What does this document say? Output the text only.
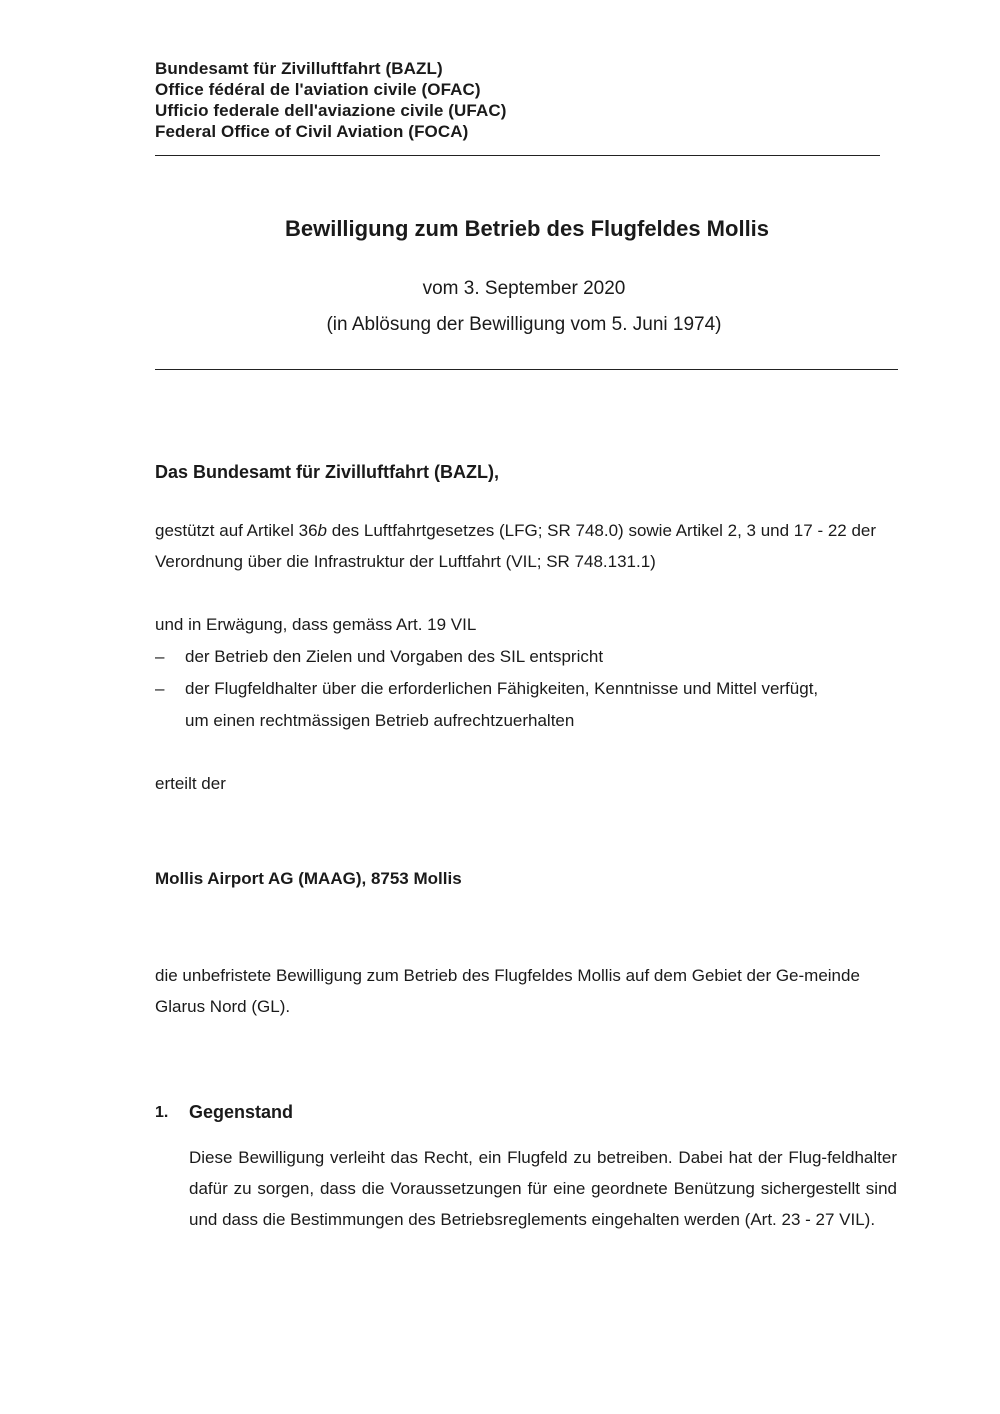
Bundesamt für Zivilluftfahrt (BAZL)
Office fédéral de l'aviation civile (OFAC)
Ufficio federale dell'aviazione civile (UFAC)
Federal Office of Civil Aviation (FOCA)
Bewilligung zum Betrieb des Flugfeldes Mollis
vom 3. September 2020
(in Ablösung der Bewilligung vom 5. Juni 1974)
Das Bundesamt für Zivilluftfahrt (BAZL),
gestützt auf Artikel 36b des Luftfahrtgesetzes (LFG; SR 748.0) sowie Artikel 2, 3 und 17 - 22 der Verordnung über die Infrastruktur der Luftfahrt (VIL; SR 748.131.1)
und in Erwägung, dass gemäss Art. 19 VIL
– der Betrieb den Zielen und Vorgaben des SIL entspricht
– der Flugfeldhalter über die erforderlichen Fähigkeiten, Kenntnisse und Mittel verfügt,
um einen rechtmässigen Betrieb aufrechtzuerhalten
erteilt der
Mollis Airport AG (MAAG), 8753 Mollis
die unbefristete Bewilligung zum Betrieb des Flugfeldes Mollis auf dem Gebiet der Ge-meinde Glarus Nord (GL).
1. Gegenstand
Diese Bewilligung verleiht das Recht, ein Flugfeld zu betreiben. Dabei hat der Flug-feldhalter dafür zu sorgen, dass die Voraussetzungen für eine geordnete Benützung sichergestellt sind und dass die Bestimmungen des Betriebsreglements eingehalten werden (Art. 23 - 27 VIL).
